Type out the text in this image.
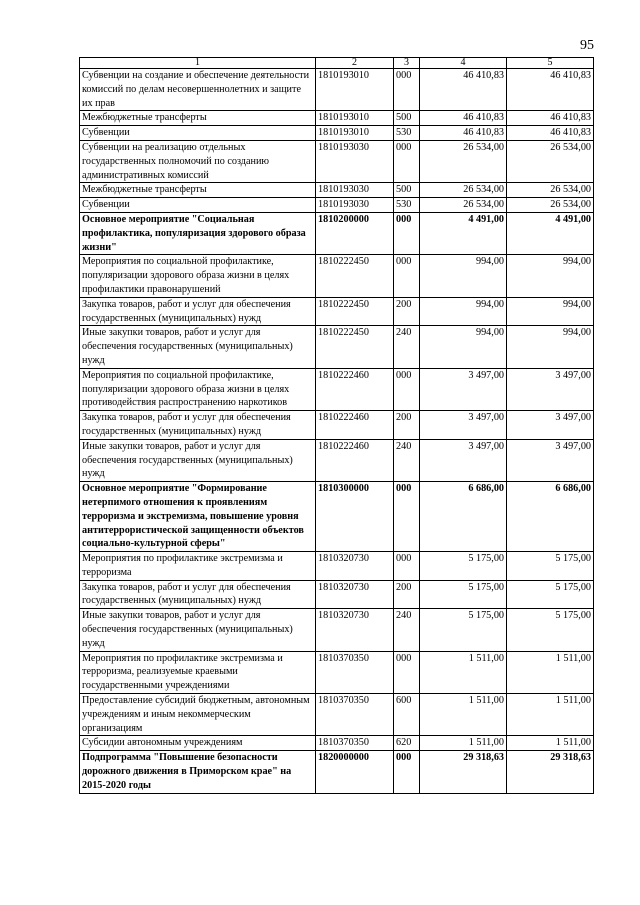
95
1	2	3	4	5
Субвенции на создание и обеспечение деятельности комиссий по делам несовершеннолетних и защите их прав	1810193010	000	46 410,83	46 410,83
Межбюджетные трансферты	1810193010	500	46 410,83	46 410,83
Субвенции	1810193010	530	46 410,83	46 410,83
Субвенции на реализацию отдельных государственных полномочий по созданию административных комиссий	1810193030	000	26 534,00	26 534,00
Межбюджетные трансферты	1810193030	500	26 534,00	26 534,00
Субвенции	1810193030	530	26 534,00	26 534,00
Основное мероприятие "Социальная профилактика, популяризация здорового образа жизни"	1810200000	000	4 491,00	4 491,00
Мероприятия по социальной профилактике, популяризации здорового образа жизни в целях профилактики правонарушений	1810222450	000	994,00	994,00
Закупка товаров, работ и услуг для обеспечения государственных (муниципальных) нужд	1810222450	200	994,00	994,00
Иные закупки товаров, работ и услуг для обеспечения государственных (муниципальных) нужд	1810222450	240	994,00	994,00
Мероприятия по социальной профилактике, популяризации здорового образа жизни в целях противодействия распространению наркотиков	1810222460	000	3 497,00	3 497,00
Закупка товаров, работ и услуг для обеспечения государственных (муниципальных) нужд	1810222460	200	3 497,00	3 497,00
Иные закупки товаров, работ и услуг для обеспечения государственных (муниципальных) нужд	1810222460	240	3 497,00	3 497,00
Основное мероприятие "Формирование нетерпимого отношения к проявлениям терроризма и экстремизма, повышение уровня антитеррористической защищенности объектов социально-культурной сферы"	1810300000	000	6 686,00	6 686,00
Мероприятия по профилактике экстремизма и терроризма	1810320730	000	5 175,00	5 175,00
Закупка товаров, работ и услуг для обеспечения государственных (муниципальных) нужд	1810320730	200	5 175,00	5 175,00
Иные закупки товаров, работ и услуг для обеспечения государственных (муниципальных) нужд	1810320730	240	5 175,00	5 175,00
Мероприятия по профилактике экстремизма и терроризма, реализуемые краевыми государственными учреждениями	1810370350	000	1 511,00	1 511,00
Предоставление субсидий бюджетным, автономным учреждениям и иным некоммерческим организациям	1810370350	600	1 511,00	1 511,00
Субсидии автономным учреждениям	1810370350	620	1 511,00	1 511,00
Подпрограмма "Повышение безопасности дорожного движения в Приморском крае" на 2015-2020 годы	1820000000	000	29 318,63	29 318,63
